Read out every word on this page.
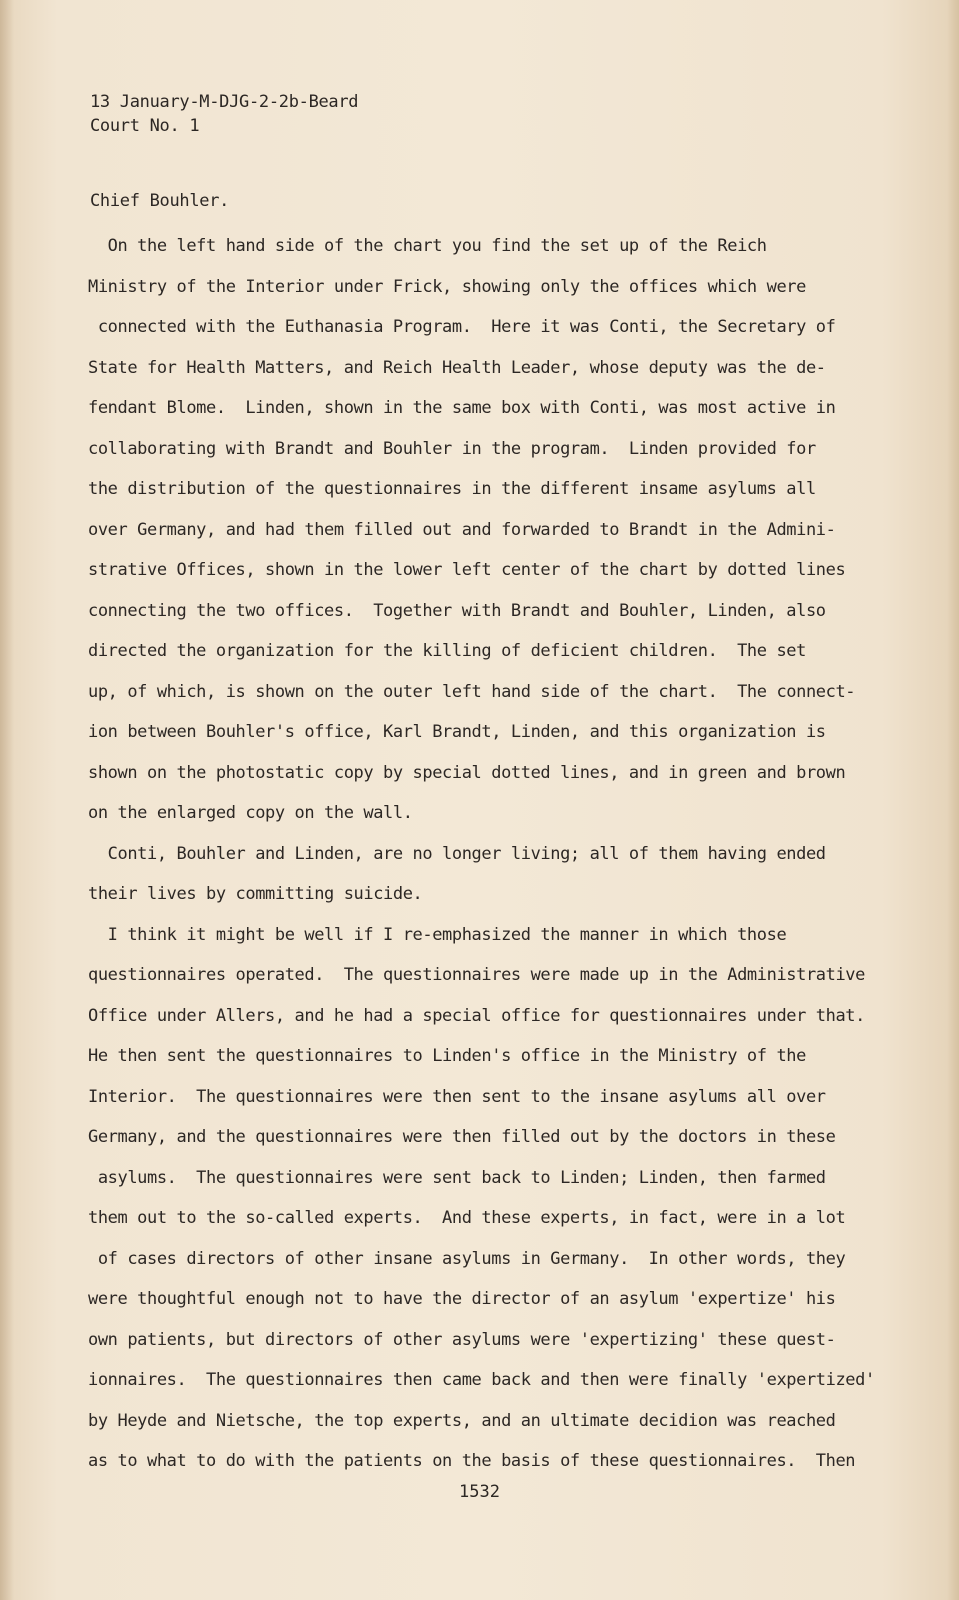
13 January-M-DJG-2-2b-Beard
Court No. 1
Chief Bouhler.
On the left hand side of the chart you find the set up of the Reich
Ministry of the Interior under Frick, showing only the offices which were
connected with the Euthanasia Program.  Here it was Conti, the Secretary of
State for Health Matters, and Reich Health Leader, whose deputy was the de-
fendant Blome.  Linden, shown in the same box with Conti, was most active in
collaborating with Brandt and Bouhler in the program.  Linden provided for
the distribution of the questionnaires in the different insame asylums all
over Germany, and had them filled out and forwarded to Brandt in the Admini-
strative Offices, shown in the lower left center of the chart by dotted lines
connecting the two offices.  Together with Brandt and Bouhler, Linden, also
directed the organization for the killing of deficient children.  The set
up, of which, is shown on the outer left hand side of the chart.  The connect-
ion between Bouhler's office, Karl Brandt, Linden, and this organization is
shown on the photostatic copy by special dotted lines, and in green and brown
on the enlarged copy on the wall.
Conti, Bouhler and Linden, are no longer living; all of them having ended
their lives by committing suicide.
I think it might be well if I re-emphasized the manner in which those
questionnaires operated.  The questionnaires were made up in the Administrative
Office under Allers, and he had a special office for questionnaires under that.
He then sent the questionnaires to Linden's office in the Ministry of the
Interior.  The questionnaires were then sent to the insane asylums all over
Germany, and the questionnaires were then filled out by the doctors in these
asylums.  The questionnaires were sent back to Linden; Linden, then farmed
them out to the so-called experts.  And these experts, in fact, were in a lot
of cases directors of other insane asylums in Germany.  In other words, they
were thoughtful enough not to have the director of an asylum 'expertize' his
own patients, but directors of other asylums were 'expertizing' these quest-
ionnaires.  The questionnaires then came back and then were finally 'expertized'
by Heyde and Nietsche, the top experts, and an ultimate decidion was reached
as to what to do with the patients on the basis of these questionnaires.  Then
1532
